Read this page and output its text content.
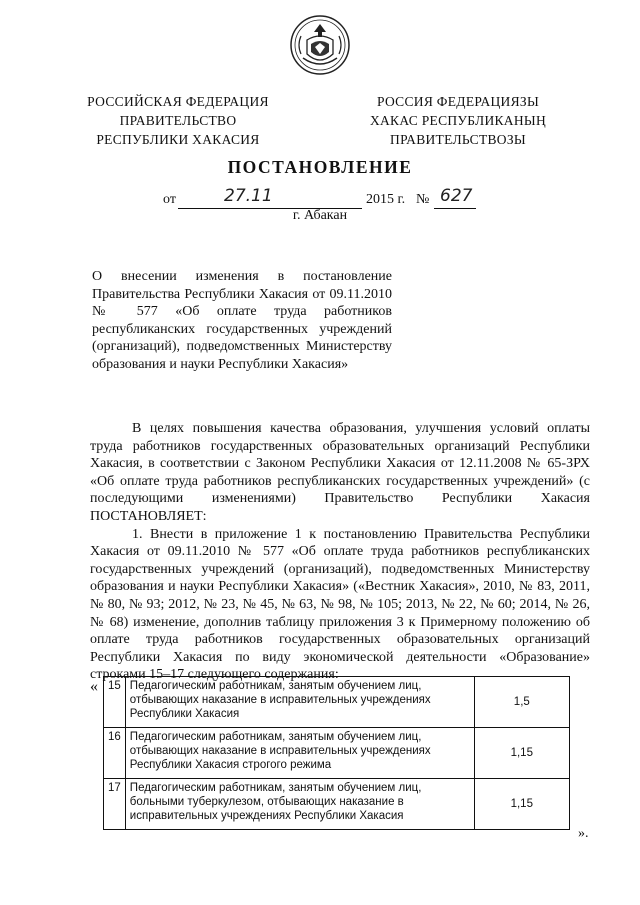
РОССИЙСКАЯ ФЕДЕРАЦИЯ
ПРАВИТЕЛЬСТВО
РЕСПУБЛИКИ ХАКАСИЯ
РОССИЯ ФЕДЕРАЦИЯЗЫ
ХАКАС РЕСПУБЛИКАНЫҢ
ПРАВИТЕЛЬСТВОЗЫ
ПОСТАНОВЛЕНИЕ
от	27.11	2015 г. № 627
г. Абакан
О внесении изменения в постановление Правительства Республики Хакасия от 09.11.2010 № 577 «Об оплате труда работников республиканских государственных учреждений (организаций), подведомственных Министерству образования и науки Республики Хакасия»

В целях повышения качества образования, улучшения условий оплаты труда работников государственных образовательных организаций Республики Хакасия, в соответствии с Законом Республики Хакасия от 12.11.2008 № 65-ЗРХ «Об оплате труда работников республиканских государственных учреждений» (с последующими изменениями) Правительство Республики Хакасия ПОСТАНОВЛЯЕТ:

1. Внести в приложение 1 к постановлению Правительства Республики Хакасия от 09.11.2010 № 577 «Об оплате труда работников республиканских государственных учреждений (организаций), подведомственных Министерству образования и науки Республики Хакасия» («Вестник Хакасия», 2010, № 83, 2011, № 80, № 93; 2012, № 23, № 45, № 63, № 98, № 105; 2013, № 22, № 60; 2014, № 26, № 68) изменение, дополнив таблицу приложения 3 к Примерному положению об оплате труда работников государственных образовательных организаций Республики Хакасия по виду экономической деятельности «Образование» строками 15–17 следующего содержания:

« 15	Педагогическим работникам, занятым обучением лиц, отбывающих наказание в исправительных учреждениях Республики Хакасия	1,5
16	Педагогическим работникам, занятым обучением лиц, отбывающих наказание в исправительных учреждениях Республики Хакасия строгого режима	1,15
17	Педагогическим работникам, занятым обучением лиц, больными туберкулезом, отбывающих наказание в исправительных учреждениях Республики Хакасия	1,15
».
